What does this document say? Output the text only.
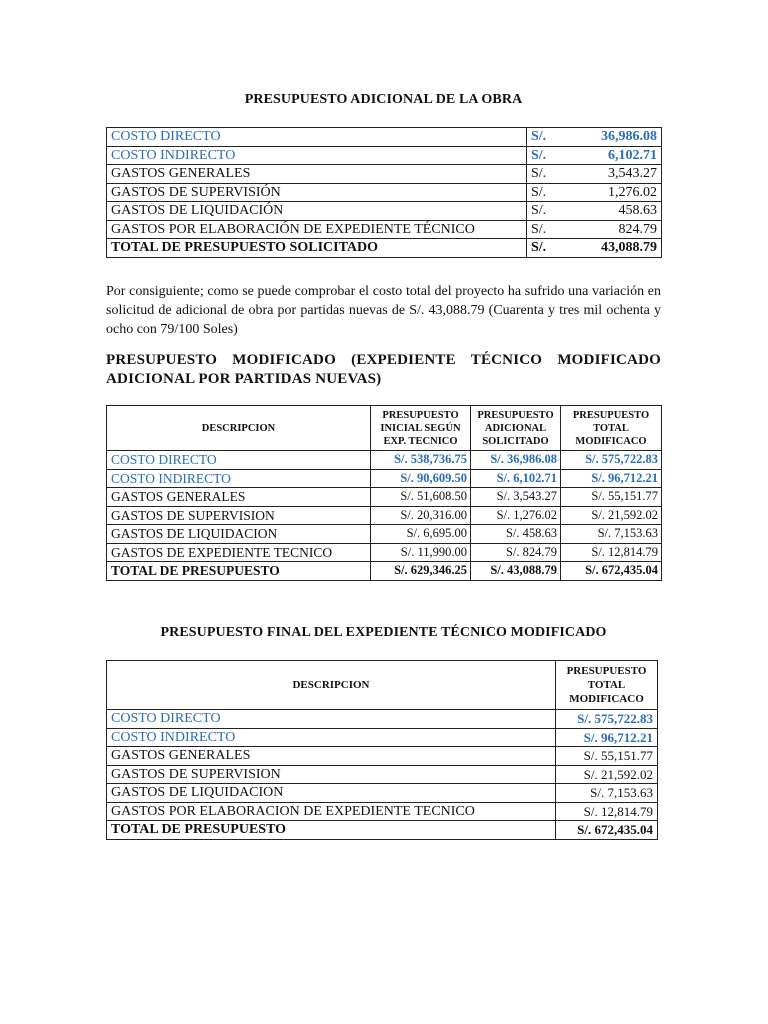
PRESUPUESTO ADICIONAL DE LA OBRA
COSTO DIRECTO	S/.	36,986.08
COSTO INDIRECTO	S/.	6,102.71
GASTOS GENERALES	S/.	3,543.27
GASTOS DE SUPERVISIÓN	S/.	1,276.02
GASTOS DE LIQUIDACIÓN	S/.	458.63
GASTOS POR ELABORACIÓN DE EXPEDIENTE TÉCNICO	S/.	824.79
TOTAL DE PRESUPUESTO SOLICITADO	S/.	43,088.79
Por consiguiente; como se puede comprobar el costo total del proyecto ha sufrido una variación en solicitud de adicional de obra por partidas nuevas de S/. 43,088.79 (Cuarenta y tres mil ochenta y ocho con 79/100 Soles)
PRESUPUESTO MODIFICADO (EXPEDIENTE TÉCNICO MODIFICADO ADICIONAL POR PARTIDAS NUEVAS)
DESCRIPCION	PRESUPUESTO INICIAL SEGÚN EXP. TECNICO	PRESUPUESTO ADICIONAL SOLICITADO	PRESUPUESTO TOTAL MODIFICACO
COSTO DIRECTO	S/. 538,736.75	S/. 36,986.08	S/. 575,722.83
COSTO INDIRECTO	S/. 90,609.50	S/. 6,102.71	S/. 96,712.21
GASTOS GENERALES	S/. 51,608.50	S/. 3,543.27	S/. 55,151.77
GASTOS DE SUPERVISION	S/. 20,316.00	S/. 1,276.02	S/. 21,592.02
GASTOS DE LIQUIDACION	S/. 6,695.00	S/. 458.63	S/. 7,153.63
GASTOS DE EXPEDIENTE TECNICO	S/. 11,990.00	S/. 824.79	S/. 12,814.79
TOTAL DE PRESUPUESTO	S/. 629,346.25	S/. 43,088.79	S/. 672,435.04
PRESUPUESTO FINAL DEL EXPEDIENTE TÉCNICO MODIFICADO
DESCRIPCION	PRESUPUESTO TOTAL MODIFICACO
COSTO DIRECTO	S/. 575,722.83
COSTO INDIRECTO	S/. 96,712.21
GASTOS GENERALES	S/. 55,151.77
GASTOS DE SUPERVISION	S/. 21,592.02
GASTOS DE LIQUIDACION	S/. 7,153.63
GASTOS POR ELABORACION DE EXPEDIENTE TECNICO	S/. 12,814.79
TOTAL DE PRESUPUESTO	S/. 672,435.04
